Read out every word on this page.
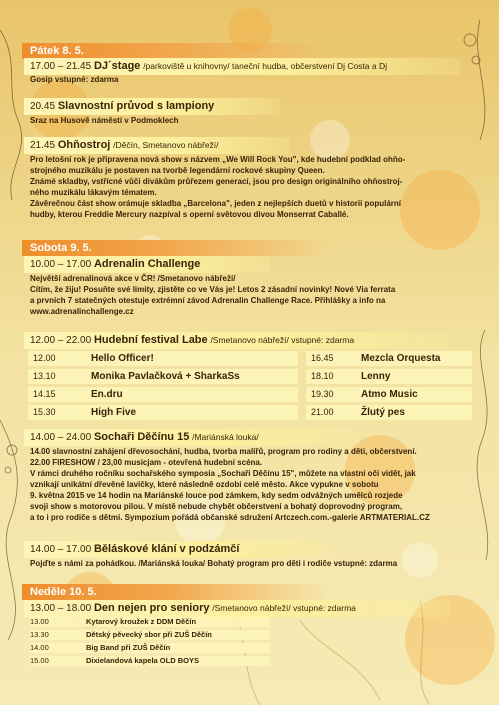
Pátek 8. 5.
17.00 – 21.45 DJ´stage /parkoviště u knihovny/ taneční hudba, občerstvení Dj Costa a Dj
Gosip vstupné: zdarma
20.45 Slavnostní průvod s lampiony
Sraz na Husově náměstí v Podmoklech
21.45 Ohňostroj /Děčín, Smetanovo nábřeží/
Pro letošní rok je připravena nová show s názvem „We Will Rock You", kde hudební podklad ohňo-
strojného muzikálu je postaven na tvorbě legendární rockové skupiny Queen.
Známé skladby, vstřícné vůči divákům průřezem generací, jsou pro design originálního ohňostroj-
ného muzikálu lákavým tématem.
Závěrečnou část show orámuje skladba „Barcelona", jeden z nejlepších duetů v historii populární
hudby, kterou Freddie Mercury nazpíval s operní světovou divou Monserrat Caballé.
Sobota 9. 5.
10.00 – 17.00 Adrenalin Challenge
Největší adrenalinová akce v ČR! /Smetanovo nábřeží/
Cítím, že žiju! Posuňte své limity, zjistěte co ve Vás je! Letos 2 zásadní novinky! Nové Via ferrata
a prvních 7 statečných otestuje extrémní závod Adrenalin Challenge Race. Přihlášky a info na
www.adrenalinchallenge.cz
12.00 – 22.00 Hudební festival Labe /Smetanovo nábřeží/ vstupné: zdarma
12.00	Hello Officer!
13.10	Monika Pavlačková + SharkaSs
14.15	En.dru
15.30	High Five
16.45	Mezcla Orquesta
18.10	Lenny
19.30	Atmo Music
21.00	Žlutý pes
14.00 – 24.00 Sochaři Děčínu 15 /Mariánská louka/
14.00 slavnostní zahájení dřevosochání, hudba, tvorba malířů, program pro rodiny a děti, občerstvení.
22.00 FIRESHOW / 23,00 musicjam - otevřená hudební scéna.
V rámci druhého ročníku sochařského symposia „Sochaři Děčínu 15", můžete na vlastní oči vidět, jak
vznikají unikátní dřevěné lavičky, které následně ozdobí celé město. Akce vypukne v sobotu
9. května 2015 ve 14 hodin na Mariánské louce pod zámkem, kdy sedm odvážných umělců rozjede
svoji show s motorovou pilou. V místě nebude chybět občerstvení a bohatý doprovodný program,
a to i pro rodiče s dětmi. Sympozium pořádá občanské sdružení Artczech.com.-galerie ARTMATERIAL.CZ
14.00 – 17.00 Běláskové klání v podzámčí
Pojďte s námi za pohádkou. /Mariánská louka/ Bohatý program pro děti i rodiče vstupné: zdarma
Neděle 10. 5.
13.00 – 18.00 Den nejen pro seniory /Smetanovo nábřeží/ vstupné: zdarma
13.00	Kytarový kroužek z DDM Děčín
13.30	Dětský pěvecký sbor při ZUŠ Děčín
14.00	Big Band při ZUŠ Děčín
15.00	Dixielandová kapela OLD BOYS
